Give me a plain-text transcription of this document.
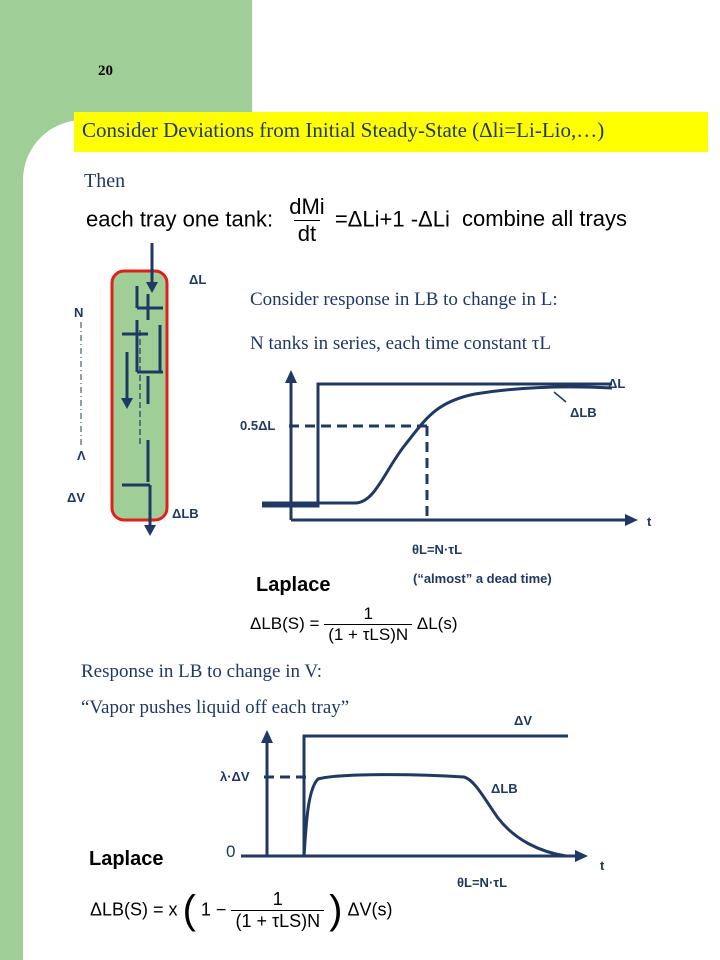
20
Consider Deviations from Initial Steady-State (Δli=Li-Lio,…)
Then
each tray one tank: $\frac{\text{dMi}}{dt} =\Delta Li+1$ -ΔLi combine all trays
ΔL
N
Λ
ΔV
ΔLB
Consider response in LB to change in L:
N tanks in series, each time constant τL
ΔL
ΔLB
0.5ΔL
t
θL=N·τL
(“almost” a dead time)
Laplace
$\Delta LB(S) = \frac{1}{\text{(1 + τLS)N}} \Delta L(s)$
Response in LB to change in V:
“Vapor pushes liquid off each tray”
ΔV
λ·ΔV
ΔLB
0
t
θL=N·τL
Laplace
ΔLB(S) = x ( $1 - \frac{1}{\text{(1 + τLS)N}}$ ) ΔV(s)
